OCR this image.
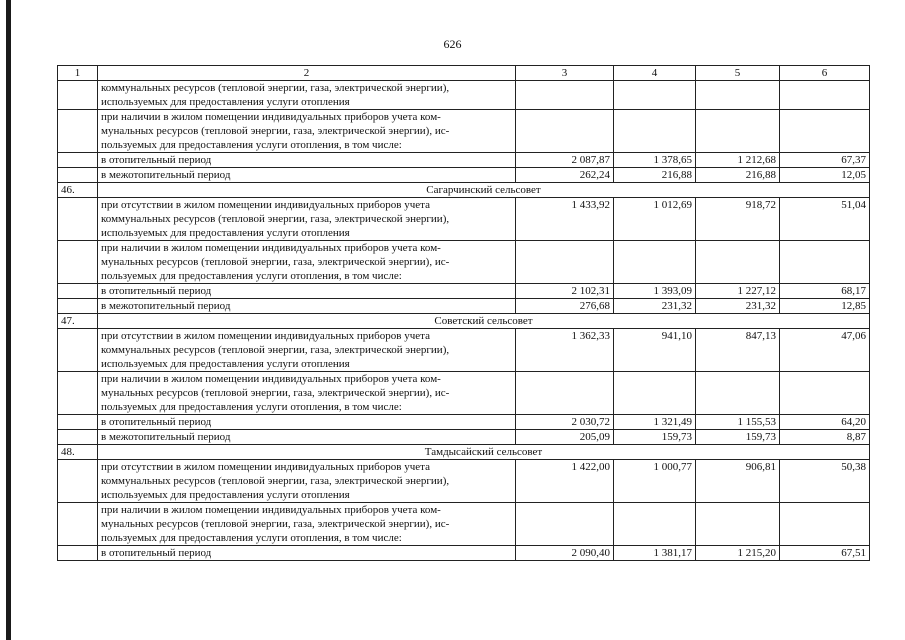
626
1	2	3	4	5	6
	коммунальных ресурсов (тепловой энергии, газа, электрической энергии),
используемых для предоставления услуги отопления				
	при наличии в жилом помещении индивидуальных приборов учета ком-
мунальных ресурсов (тепловой энергии, газа, электрической энергии), ис-
пользуемых для предоставления услуги отопления, в том числе:				
	в отопительный период	2 087,87	1 378,65	1 212,68	67,37
	в межотопительный период	262,24	216,88	216,88	12,05
46.	Сагарчинский сельсовет				
	при отсутствии в жилом помещении индивидуальных приборов учета
коммунальных ресурсов (тепловой энергии, газа, электрической энергии),
используемых для предоставления услуги отопления	1 433,92	1 012,69	918,72	51,04
	при наличии в жилом помещении индивидуальных приборов учета ком-
мунальных ресурсов (тепловой энергии, газа, электрической энергии), ис-
пользуемых для предоставления услуги отопления, в том числе:				
	в отопительный период	2 102,31	1 393,09	1 227,12	68,17
	в межотопительный период	276,68	231,32	231,32	12,85
47.	Советский сельсовет				
	при отсутствии в жилом помещении индивидуальных приборов учета
коммунальных ресурсов (тепловой энергии, газа, электрической энергии),
используемых для предоставления услуги отопления	1 362,33	941,10	847,13	47,06
	при наличии в жилом помещении индивидуальных приборов учета ком-
мунальных ресурсов (тепловой энергии, газа, электрической энергии), ис-
пользуемых для предоставления услуги отопления, в том числе:				
	в отопительный период	2 030,72	1 321,49	1 155,53	64,20
	в межотопительный период	205,09	159,73	159,73	8,87
48.	Тамдысайский сельсовет				
	при отсутствии в жилом помещении индивидуальных приборов учета
коммунальных ресурсов (тепловой энергии, газа, электрической энергии),
используемых для предоставления услуги отопления	1 422,00	1 000,77	906,81	50,38
	при наличии в жилом помещении индивидуальных приборов учета ком-
мунальных ресурсов (тепловой энергии, газа, электрической энергии), ис-
пользуемых для предоставления услуги отопления, в том числе:				
	в отопительный период	2 090,40	1 381,17	1 215,20	67,51
